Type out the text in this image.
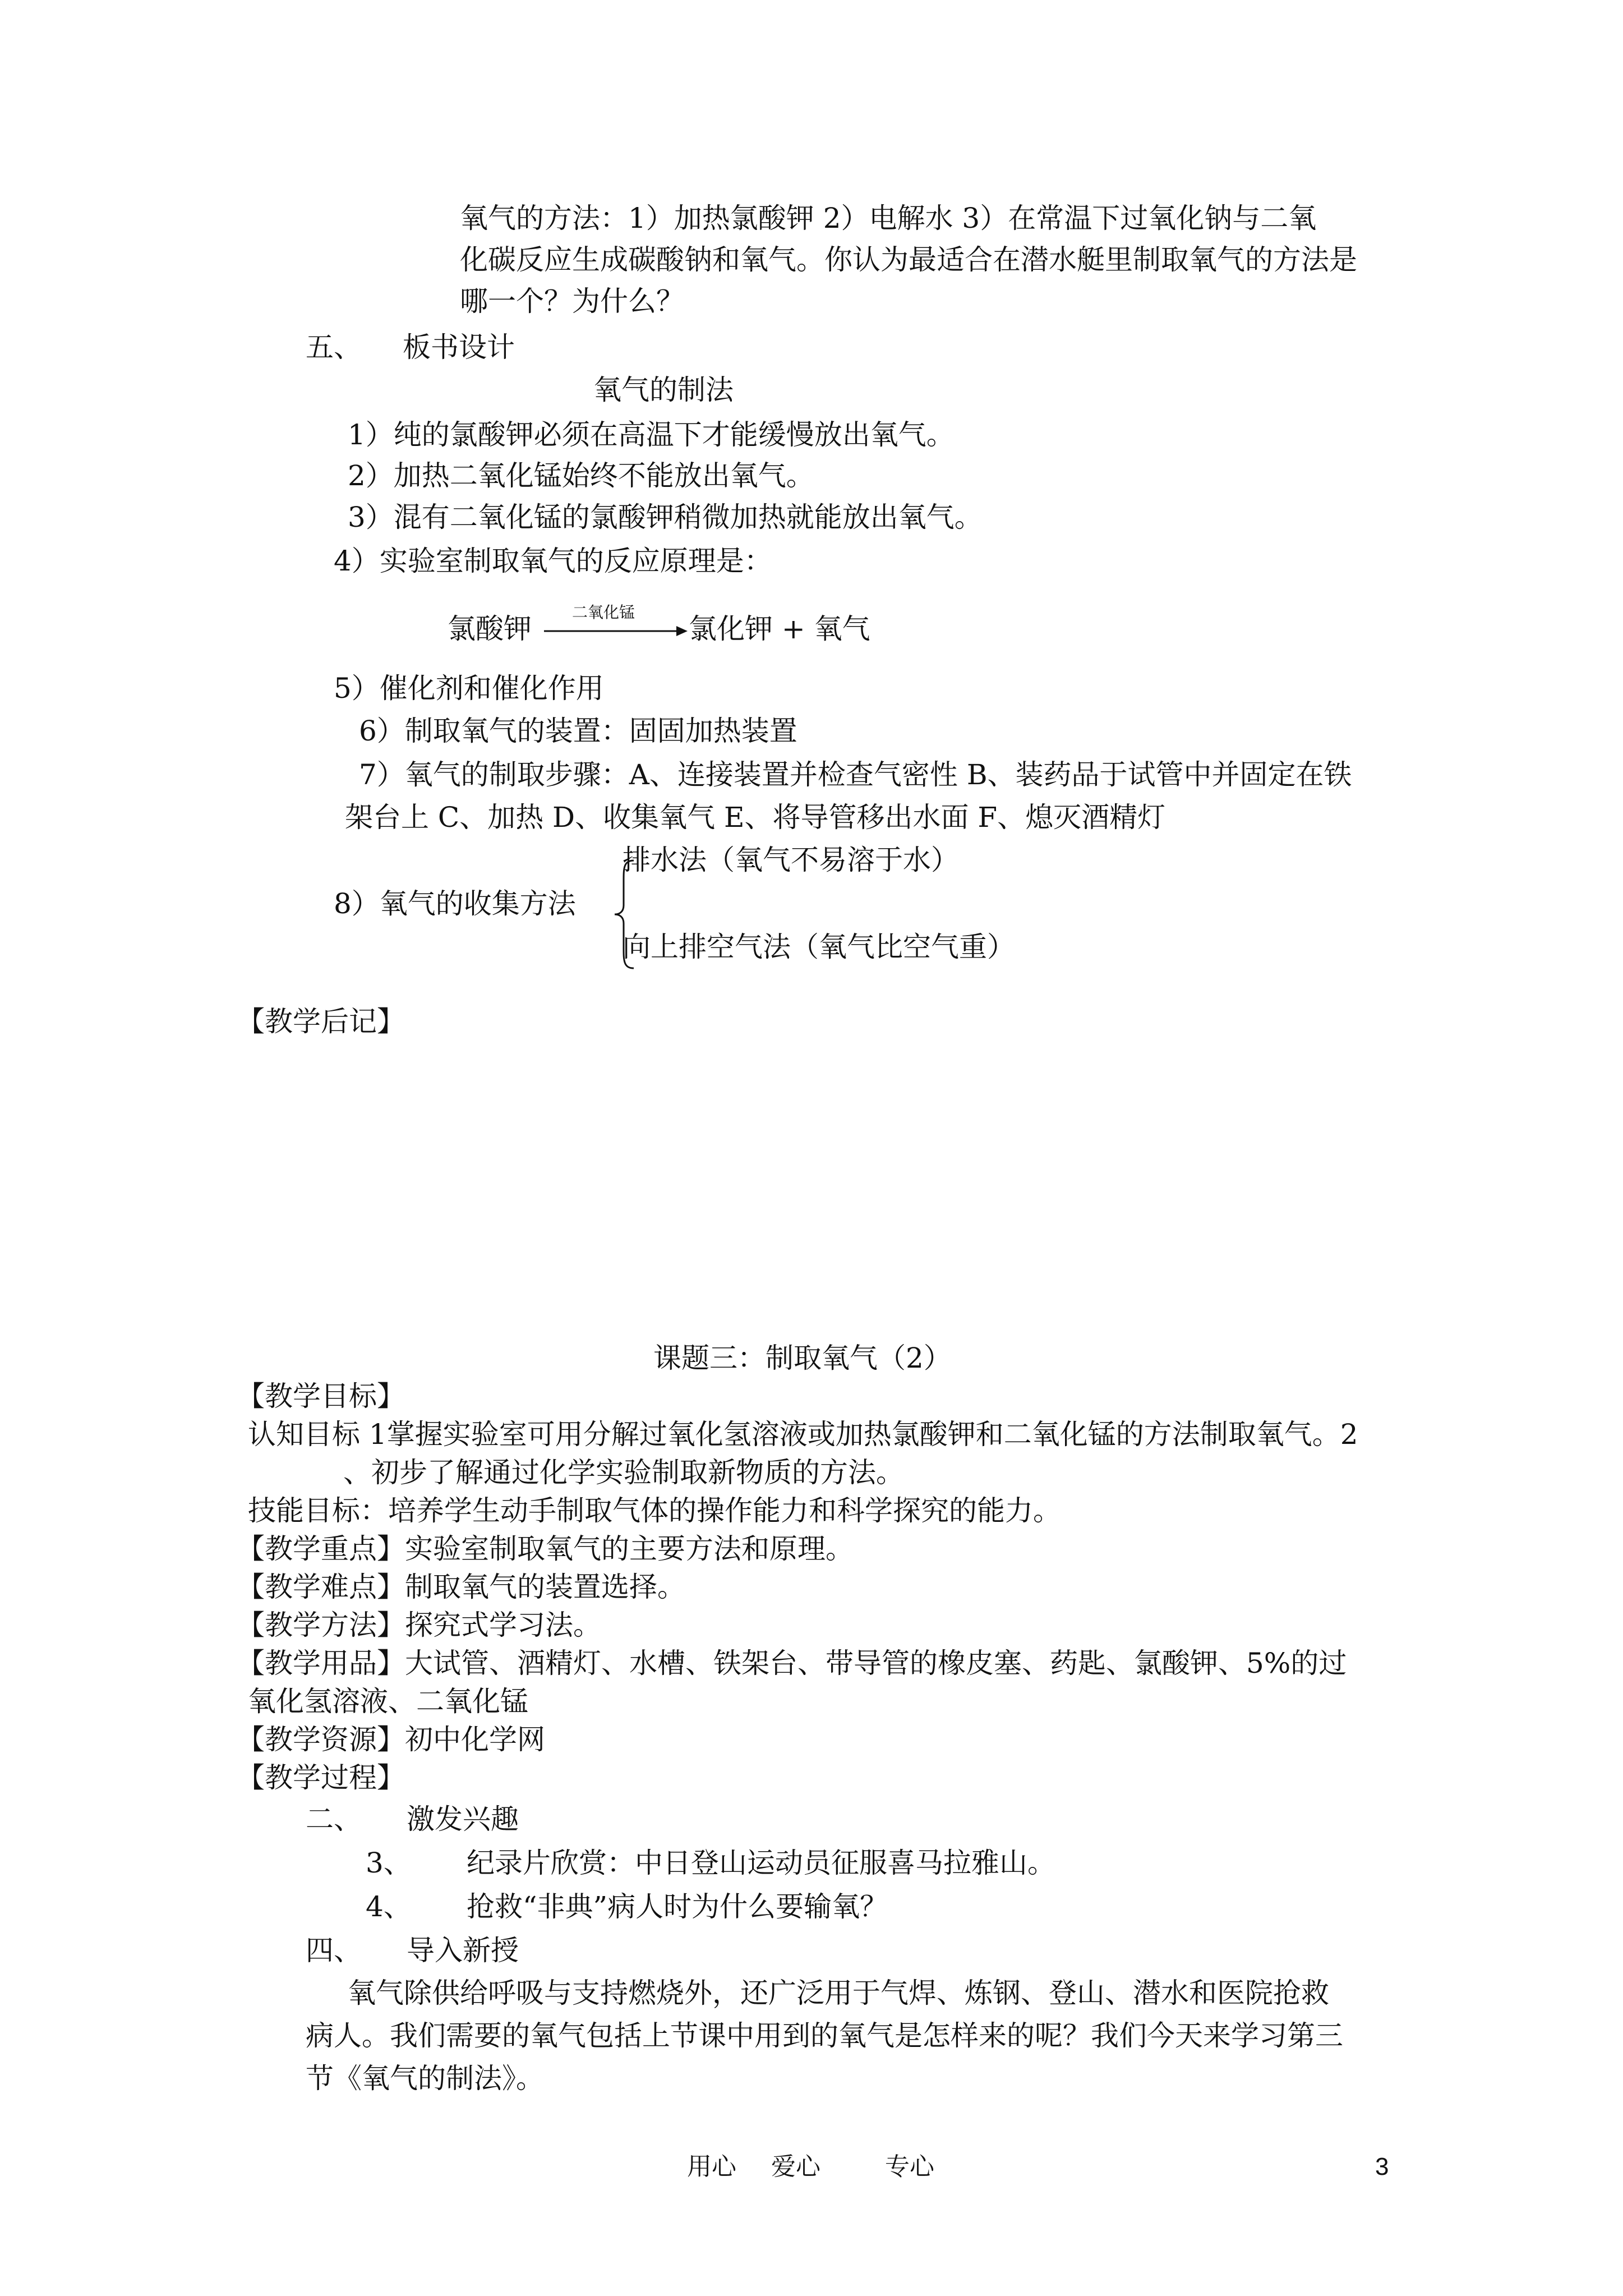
氧气的方法：1）加热氯酸钾 2）电解水 3）在常温下过氧化钠与二氧
化碳反应生成碳酸钠和氧气。你认为最适合在潜水艇里制取氧气的方法是
哪一个？为什么？
五、 板书设计
氧气的制法
1）纯的氯酸钾必须在高温下才能缓慢放出氧气。
2）加热二氧化锰始终不能放出氧气。
3）混有二氧化锰的氯酸钾稍微加热就能放出氧气。
4）实验室制取氧气的反应原理是：
氯酸钾
二氧化锰
氯化钾 + 氧气
5）催化剂和催化作用
6）制取氧气的装置：固固加热装置
7）氧气的制取步骤：A、连接装置并检查气密性 B、装药品于试管中并固定在铁
架台上 C、加热 D、收集氧气 E、将导管移出水面 F、熄灭酒精灯
排水法（氧气不易溶于水）
8）氧气的收集方法
向上排空气法（氧气比空气重）
【教学后记】
课题三：制取氧气（2）
【教学目标】
认知目标 1掌握实验室可用分解过氧化氢溶液或加热氯酸钾和二氧化锰的方法制取氧气。2
、初步了解通过化学实验制取新物质的方法。
技能目标：培养学生动手制取气体的操作能力和科学探究的能力。
【教学重点】实验室制取氧气的主要方法和原理。
【教学难点】制取氧气的装置选择。
【教学方法】探究式学习法。
【教学用品】大试管、酒精灯、水槽、铁架台、带导管的橡皮塞、药匙、氯酸钾、5%的过
氧化氢溶液、二氧化锰
【教学资源】初中化学网
【教学过程】
二、 激发兴趣
3、 纪录片欣赏：中日登山运动员征服喜马拉雅山。
4、 抢救“非典”病人时为什么要输氧？
四、 导入新授
氧气除供给呼吸与支持燃烧外，还广泛用于气焊、炼钢、登山、潜水和医院抢救
病人。我们需要的氧气包括上节课中用到的氧气是怎样来的呢？我们今天来学习第三
节《氧气的制法》。
用心 爱心	专心	3
